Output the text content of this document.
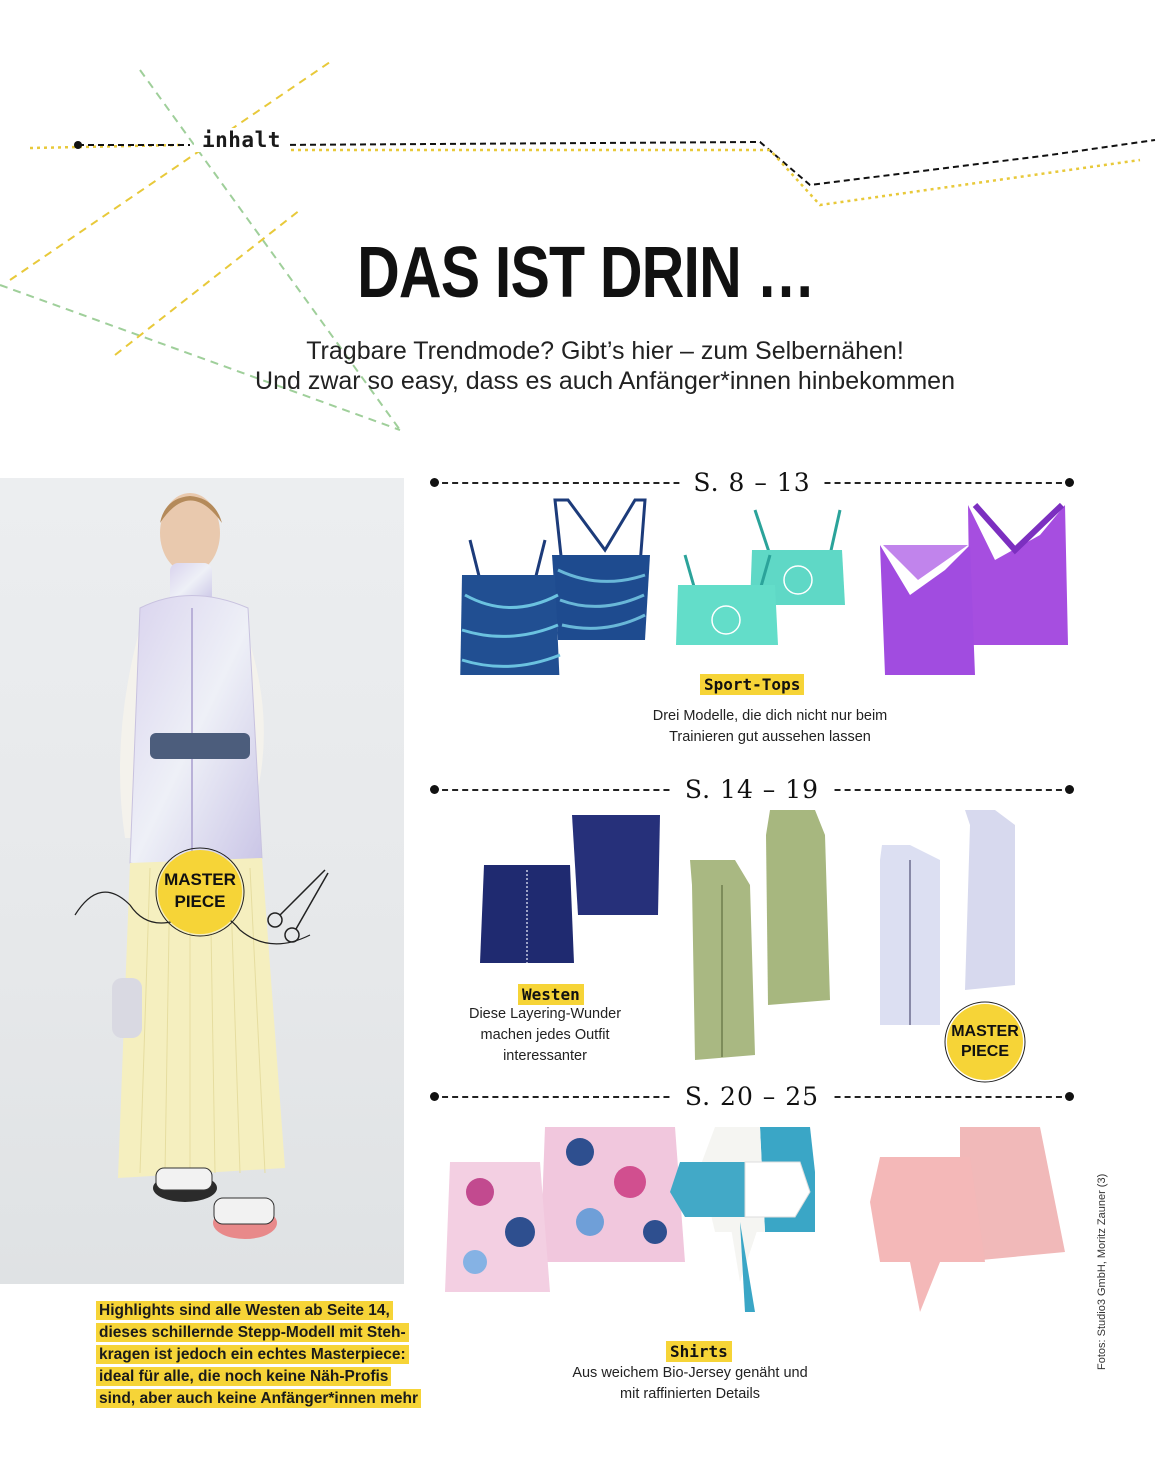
inhalt
DAS IST DRIN …
Tragbare Trendmode? Gibt’s hier – zum Selbernähen!
Und zwar so easy, dass es auch Anfänger*innen hinbekommen
MASTER
PIECE
Highlights sind alle Westen ab Seite 14,
dieses schillernde Stepp-Modell mit Steh-
kragen ist jedoch ein echtes Masterpiece:
ideal für alle, die noch keine Näh-Profis
sind, aber auch keine Anfänger*innen mehr
S. 8 – 13
Sport-Tops
Drei Modelle, die dich nicht nur beim
Trainieren gut aussehen lassen
S. 14 – 19
Westen
Diese Layering-Wunder
machen jedes Outfit
interessanter
MASTER
PIECE
S. 20 – 25
Shirts
Aus weichem Bio-Jersey genäht und
mit raffinierten Details
Fotos: Studio3 GmbH, Moritz Zauner (3)
